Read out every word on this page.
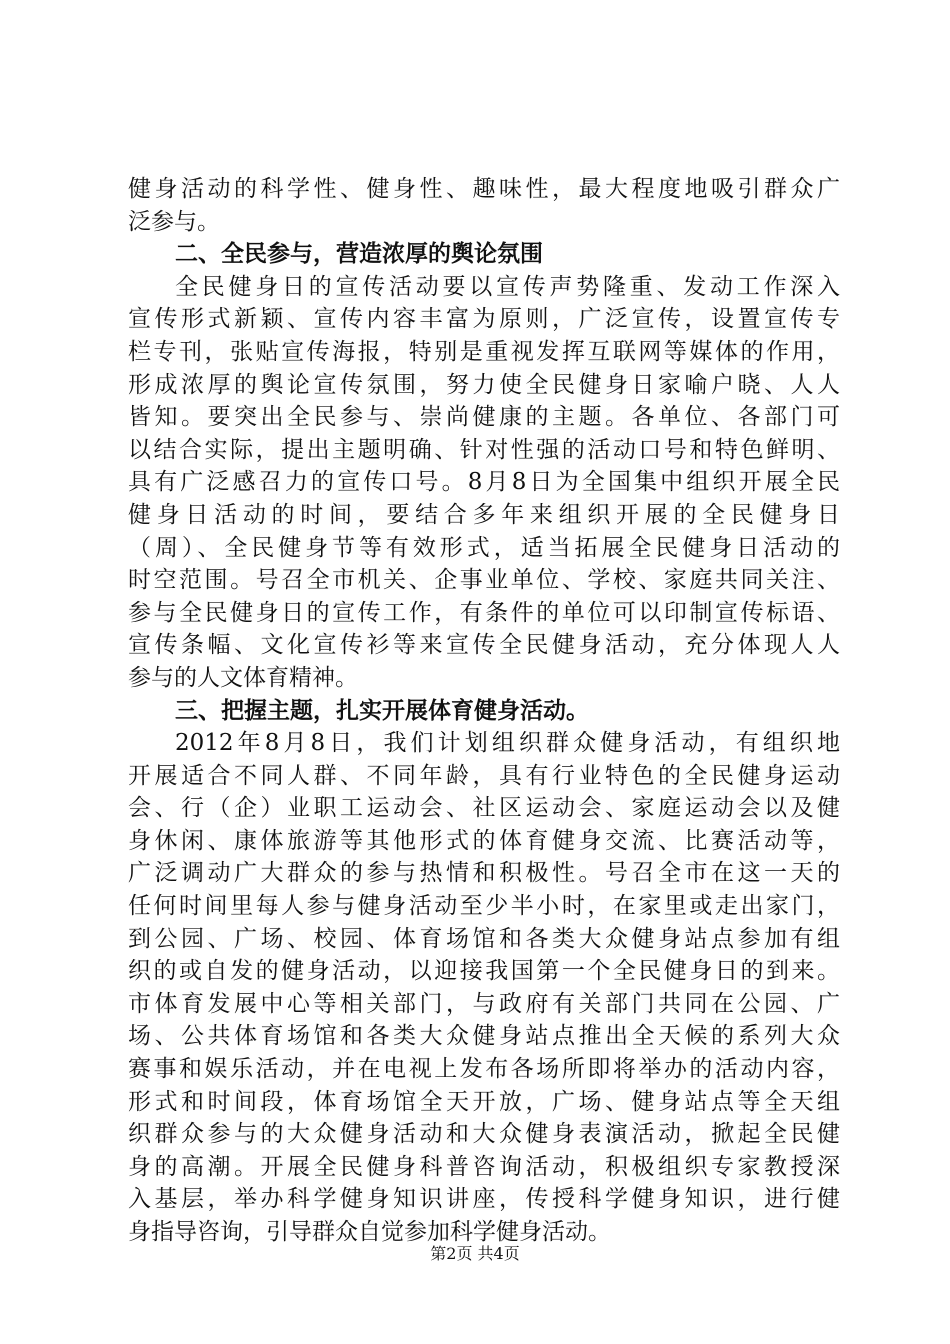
健身活动的科学性、健身性、趣味性，最大程度地吸引群众广
泛参与。
二、全民参与，营造浓厚的舆论氛围
全民健身日的宣传活动要以宣传声势隆重、发动工作深入
宣传形式新颖、宣传内容丰富为原则，广泛宣传，设置宣传专
栏专刊，张贴宣传海报，特别是重视发挥互联网等媒体的作用，
形成浓厚的舆论宣传氛围，努力使全民健身日家喻户晓、人人
皆知。要突出全民参与、崇尚健康的主题。各单位、各部门可
以结合实际，提出主题明确、针对性强的活动口号和特色鲜明、
具有广泛感召力的宣传口号。8月8日为全国集中组织开展全民
健身日活动的时间，要结合多年来组织开展的全民健身日
（周）、全民健身节等有效形式，适当拓展全民健身日活动的
时空范围。号召全市机关、企事业单位、学校、家庭共同关注、
参与全民健身日的宣传工作，有条件的单位可以印制宣传标语、
宣传条幅、文化宣传衫等来宣传全民健身活动，充分体现人人
参与的人文体育精神。
三、把握主题，扎实开展体育健身活动。
2012年8月8日，我们计划组织群众健身活动，有组织地
开展适合不同人群、不同年龄，具有行业特色的全民健身运动
会、行（企）业职工运动会、社区运动会、家庭运动会以及健
身休闲、康体旅游等其他形式的体育健身交流、比赛活动等，
广泛调动广大群众的参与热情和积极性。号召全市在这一天的
任何时间里每人参与健身活动至少半小时，在家里或走出家门，
到公园、广场、校园、体育场馆和各类大众健身站点参加有组
织的或自发的健身活动，以迎接我国第一个全民健身日的到来。
市体育发展中心等相关部门，与政府有关部门共同在公园、广
场、公共体育场馆和各类大众健身站点推出全天候的系列大众
赛事和娱乐活动，并在电视上发布各场所即将举办的活动内容，
形式和时间段，体育场馆全天开放，广场、健身站点等全天组
织群众参与的大众健身活动和大众健身表演活动，掀起全民健
身的高潮。开展全民健身科普咨询活动，积极组织专家教授深
入基层，举办科学健身知识讲座，传授科学健身知识，进行健
身指导咨询，引导群众自觉参加科学健身活动。
第2页 共4页
